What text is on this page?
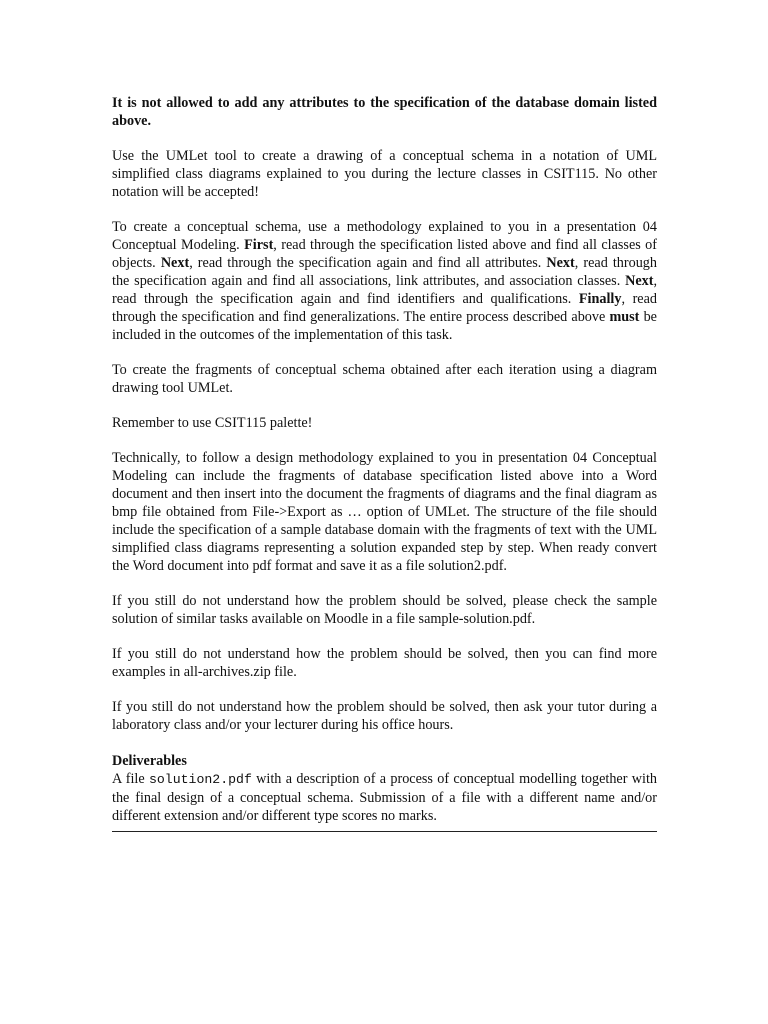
It is not allowed to add any attributes to the specification of the database domain listed above.

Use the UMLet tool to create a drawing of a conceptual schema in a notation of UML simplified class diagrams explained to you during the lecture classes in CSIT115. No other notation will be accepted!

To create a conceptual schema, use a methodology explained to you in a presentation 04 Conceptual Modeling. First, read through the specification listed above and find all classes of objects. Next, read through the specification again and find all attributes. Next, read through the specification again and find all associations, link attributes, and association classes. Next, read through the specification again and find identifiers and qualifications. Finally, read through the specification and find generalizations. The entire process described above must be included in the outcomes of the implementation of this task.

To create the fragments of conceptual schema obtained after each iteration using a diagram drawing tool UMLet.

Remember to use CSIT115 palette!

Technically, to follow a design methodology explained to you in presentation 04 Conceptual Modeling can include the fragments of database specification listed above into a Word document and then insert into the document the fragments of diagrams and the final diagram as bmp file obtained from File->Export as … option of UMLet. The structure of the file should include the specification of a sample database domain with the fragments of text with the UML simplified class diagrams representing a solution expanded step by step. When ready convert the Word document into pdf format and save it as a file solution2.pdf.

If you still do not understand how the problem should be solved, please check the sample solution of similar tasks available on Moodle in a file sample-solution.pdf.

If you still do not understand how the problem should be solved, then you can find more examples in all-archives.zip file.

If you still do not understand how the problem should be solved, then ask your tutor during a laboratory class and/or your lecturer during his office hours.

Deliverables

A file solution2.pdf with a description of a process of conceptual modelling together with the final design of a conceptual schema. Submission of a file with a different name and/or different extension and/or different type scores no marks.
